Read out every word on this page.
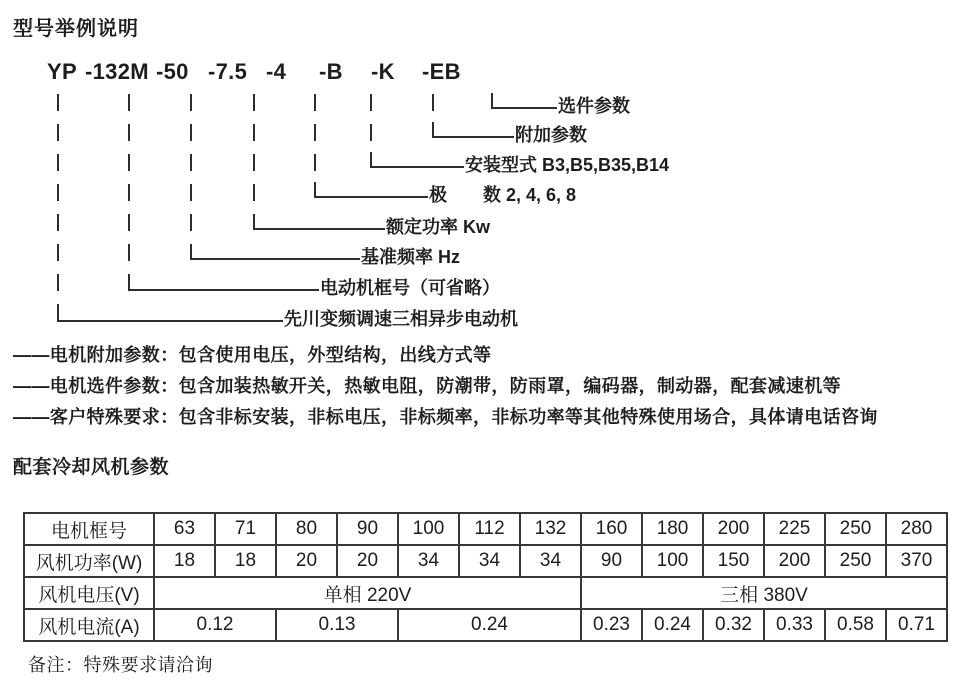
型号举例说明
YP -132M -50 -7.5 -4 -B -K -EB
选件参数
附加参数
安装型式 B3,B5,B35,B14
极　　数 2, 4, 6, 8
额定功率 Kw
基准频率 Hz
电动机框号（可省略）
先川变频调速三相异步电动机
——电机附加参数：包含使用电压，外型结构，出线方式等
——电机选件参数：包含加装热敏开关，热敏电阻，防潮带，防雨罩，编码器，制动器，配套减速机等
——客户特殊要求：包含非标安装，非标电压，非标频率，非标功率等其他特殊使用场合，具体请电话咨询
配套冷却风机参数
电机框号	63	71	80	90	100	112	132	160	180	200	225	250	280
风机功率(W)	18	18	20	20	34	34	34	90	100	150	200	250	370
风机电压(V)	单相 220V							三相 380V					
风机电流(A)	0.12		0.13		0.24			0.23	0.24	0.32	0.33	0.58	0.71
备注：特殊要求请洽询
